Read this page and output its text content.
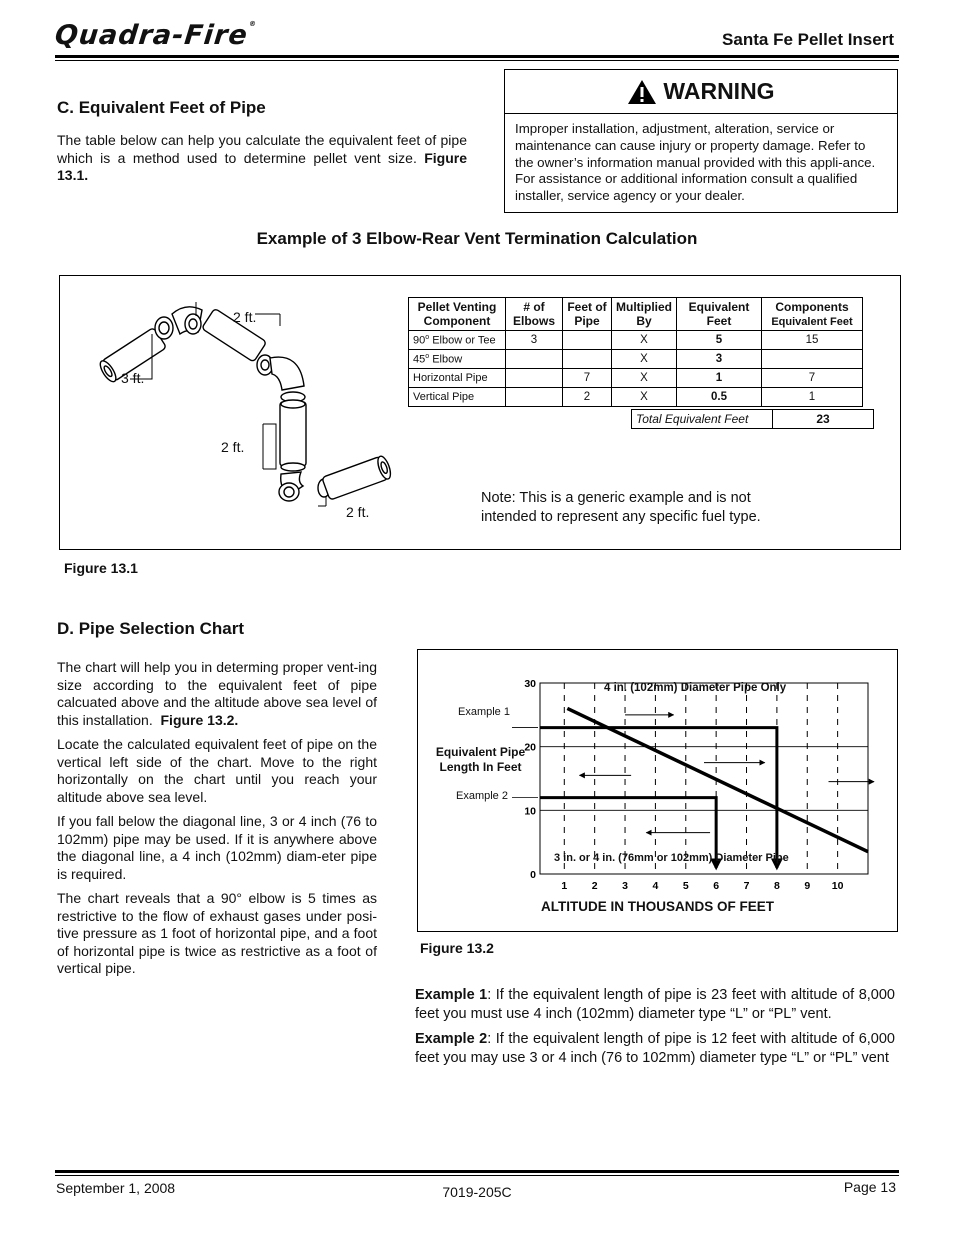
Quadra-Fire®
Santa Fe Pellet Insert
C. Equivalent Feet of Pipe

The table below can help you calculate the equivalent feet of pipe which is a method used to determine pellet vent size. Figure 13.1.

WARNING
Improper installation, adjustment, alteration, service or maintenance can cause injury or property damage. Refer to the owner’s information manual provided with this appli-ance. For assistance or additional information consult a qualified installer, service agency or your dealer.
Example of 3 Elbow-Rear Vent Termination Calculation
2 ft.
3 ft.
2 ft.
2 ft.
Pellet Venting Component	# of Elbows	Feet of Pipe	Multiplied By	Equivalent Feet	Components
Equivalent Feet
90$^o$ Elbow or Tee	3		X	5	15
45$^o$ Elbow			X	3	
Horizontal Pipe		7	X	1	7
Vertical Pipe		2	X	0.5	1
Total Equivalent Feet	23
Note: This is a generic example and is not intended to represent any specific fuel type.
Figure 13.1
D. Pipe Selection Chart

The chart will help you in determing proper vent-ing size according to the equivalent feet of pipe calcuated above and the altitude above sea level of this installation. Figure 13.2.

Locate the calculated equivalent feet of pipe on the vertical left side of the chart. Move to the right horizontally on the chart until you reach your altitude above sea level.

If you fall below the diagonal line, 3 or 4 inch (76 to 102mm) pipe may be used. If it is anywhere above the diagonal line, a 4 inch (102mm) diam-eter pipe is required.

The chart reveals that a 90° elbow is 5 times as restrictive to the flow of exhaust gases under posi-tive pressure as 1 foot of horizontal pipe, and a foot of horizontal pipe is twice as restrictive as a foot of vertical pipe.

0
10
20
30
1 2 3 4 5 6 7 8 9 10
Equivalent Pipe Length In Feet
Example 1
Example 2
4 in. (102mm) Diameter Pipe Only
3 in. or 4 in. (76mm or 102mm) Diameter Pipe
ALTITUDE IN THOUSANDS OF FEET
Figure 13.2

Example 1: If the equivalent length of pipe is 23 feet with altitude of 8,000 feet you must use 4 inch (102mm) diameter type “L” or “PL” vent.

Example 2: If the equivalent length of pipe is 12 feet with altitude of 6,000 feet you may use 3 or 4 inch (76 to 102mm) diameter type “L” or “PL” vent

September 1, 2008	7019-205C	Page 13
